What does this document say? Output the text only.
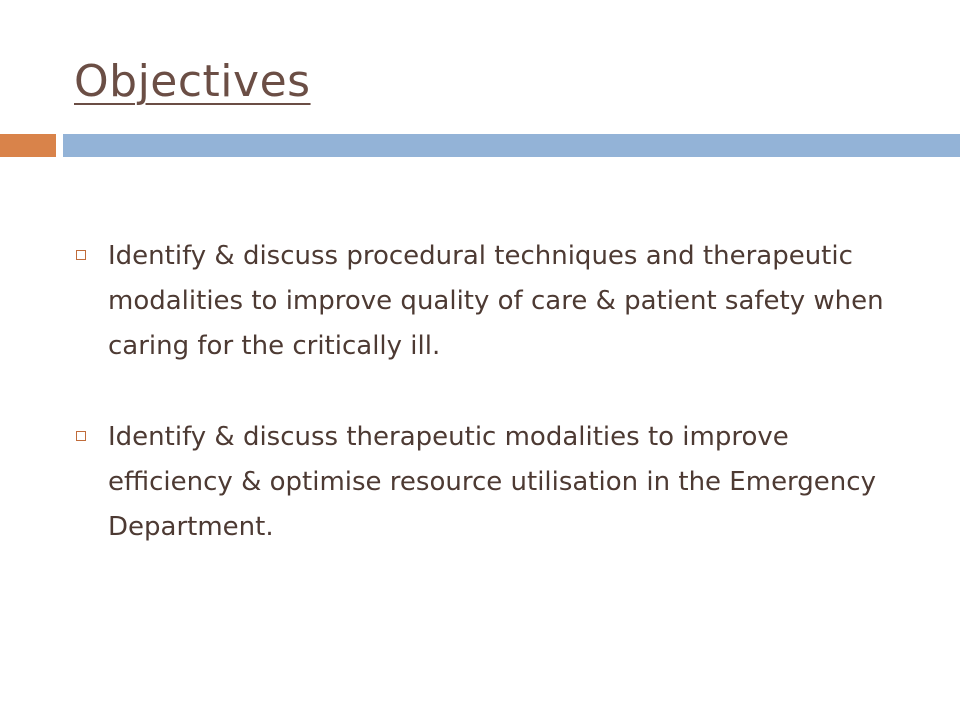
Objectives
Identify & discuss procedural techniques and therapeutic modalities to improve quality of care & patient safety when caring for the critically ill.
Identify & discuss therapeutic modalities to improve efficiency & optimise resource utilisation in the Emergency Department.
